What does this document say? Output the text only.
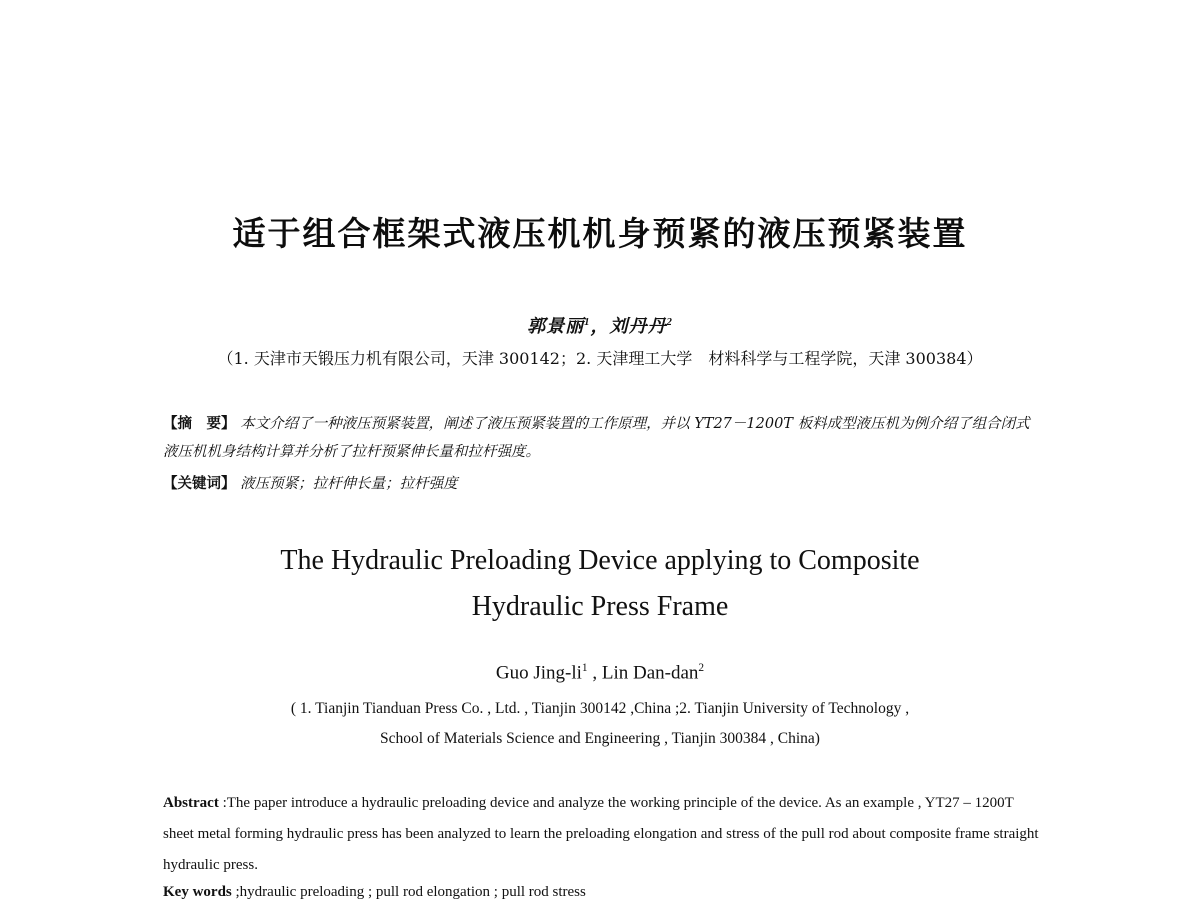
适于组合框架式液压机机身预紧的液压预紧装置
郭景丽$^1$，刘丹丹$^2$
（1. 天津市天锻压力机有限公司，天津 300142；2. 天津理工大学　材料科学与工程学院，天津 300384）
【摘　要】 本文介绍了一种液压预紧装置，阐述了液压预紧装置的工作原理，并以 YT27－1200T 板料成型液压机为例介绍了组合闭式液压机机身结构计算并分析了拉杆预紧伸长量和拉杆强度。
【关键词】 液压预紧；拉杆伸长量；拉杆强度
The Hydraulic Preloading Device applying to Composite
Hydraulic Press Frame
Guo Jing-$li^1$ , Lin Dan-dan$^2$
( 1. Tianjin Tianduan Press Co. , Ltd. , Tianjin 300142 ,China ;2. Tianjin University of Technology ,
School of Materials Science and Engineering , Tianjin 300384 , China)
Abstract :The paper introduce a hydraulic preloading device and analyze the working principle of the device. As an example , YT27 – 1200T sheet metal forming hydraulic press has been analyzed to learn the preloading elongation and stress of the pull rod about composite frame straight hydraulic press.
Key words ;hydraulic preloading ; pull rod elongation ; pull rod stress
